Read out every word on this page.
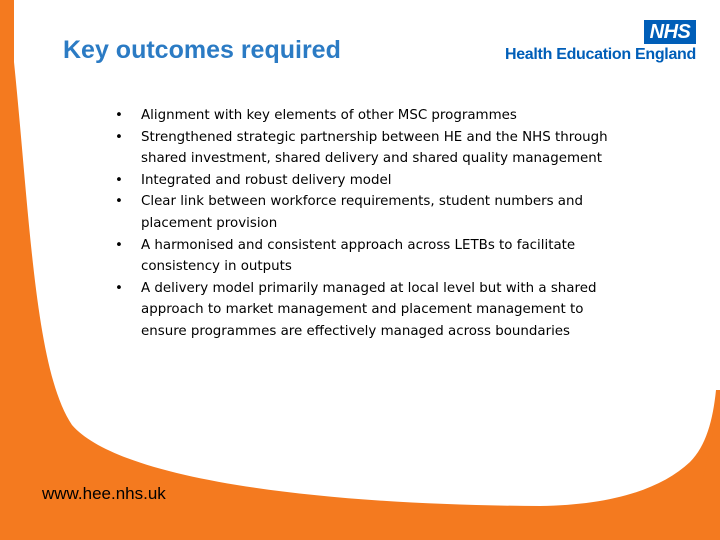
Key outcomes required
NHS
Health Education England
• Alignment with key elements of other MSC programmes
• Strengthened strategic partnership between HE and the NHS through shared investment, shared delivery and shared quality management
• Integrated and robust delivery model
• Clear link between workforce requirements, student numbers and placement provision
• A harmonised and consistent approach across LETBs to facilitate consistency in outputs
• A delivery model primarily managed at local level but with a shared approach to market management and placement management to ensure programmes are effectively managed across boundaries
www.hee.nhs.uk
